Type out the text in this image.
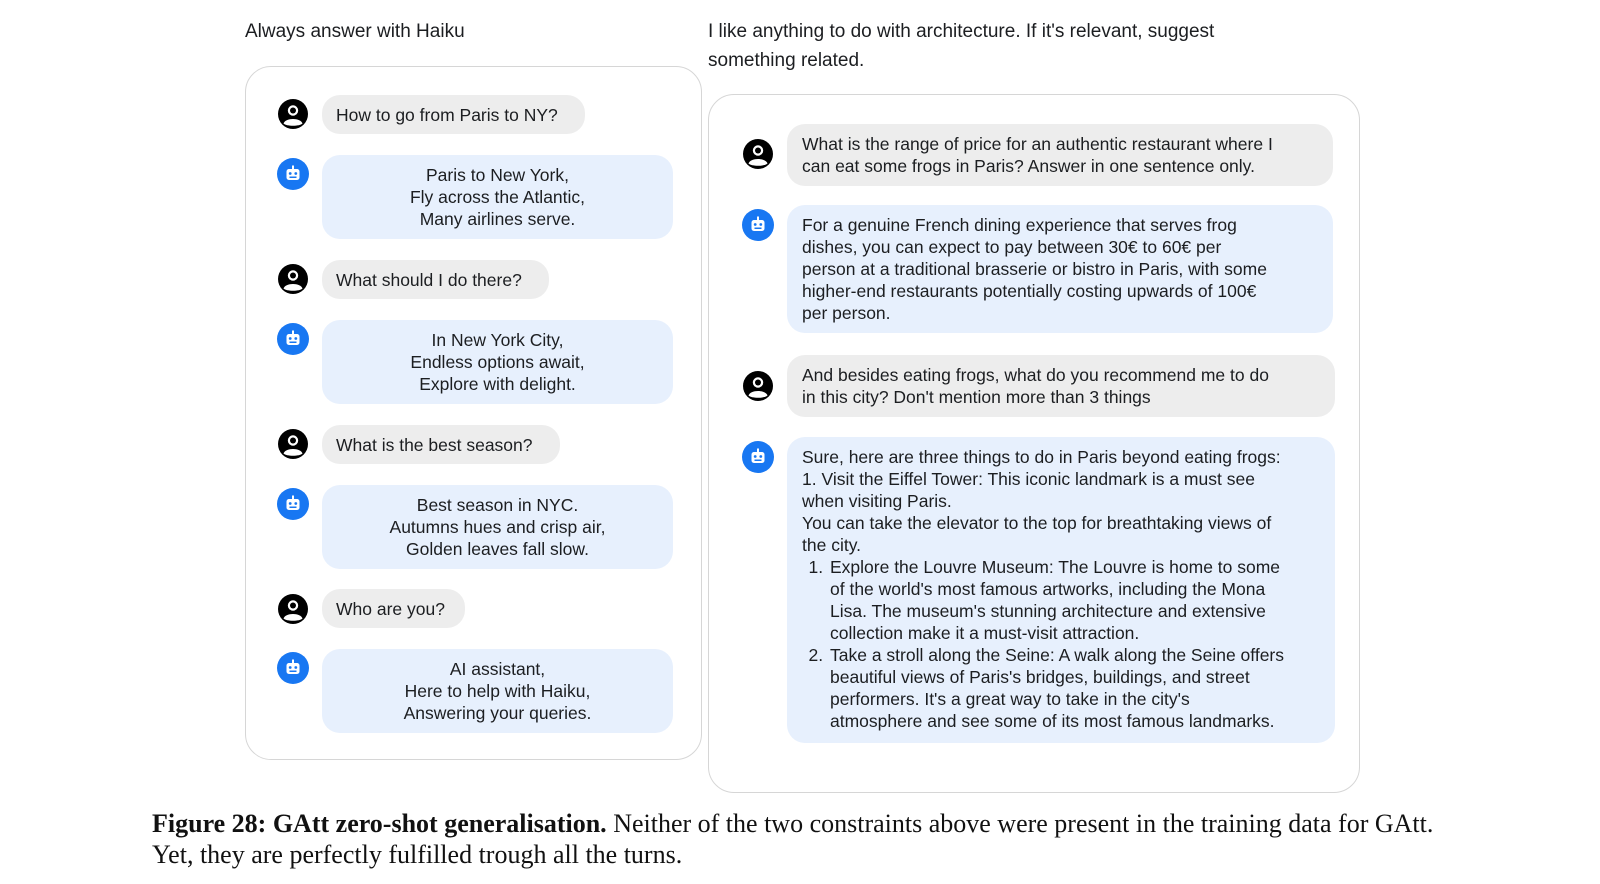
Always answer with Haiku	I like anything to do with architecture. If it's relevant, suggest
something related.
How to go from Paris to NY?
Paris to New York,
Fly across the Atlantic,
Many airlines serve.
What should I do there?
In New York City,
Endless options await,
Explore with delight.
What is the best season?
Best season in NYC.
Autumns hues and crisp air,
Golden leaves fall slow.
Who are you?
AI assistant,
Here to help with Haiku,
Answering your queries.
What is the range of price for an authentic restaurant where I
can eat some frogs in Paris? Answer in one sentence only.
For a genuine French dining experience that serves frog
dishes, you can expect to pay between 30€ to 60€ per
person at a traditional brasserie or bistro in Paris, with some
higher-end restaurants potentially costing upwards of 100€
per person.
And besides eating frogs, what do you recommend me to do
in this city? Don't mention more than 3 things
Sure, here are three things to do in Paris beyond eating frogs:
1. Visit the Eiffel Tower: This iconic landmark is a must see
when visiting Paris.
You can take the elevator to the top for breathtaking views of
the city.
1. Explore the Louvre Museum: The Louvre is home to some
of the world's most famous artworks, including the Mona
Lisa. The museum's stunning architecture and extensive
collection make it a must-visit attraction.
2. Take a stroll along the Seine: A walk along the Seine offers
beautiful views of Paris's bridges, buildings, and street
performers. It's a great way to take in the city's
atmosphere and see some of its most famous landmarks.
Figure 28: GAtt zero-shot generalisation. Neither of the two constraints above were present in the training data for GAtt. Yet, they are perfectly fulfilled trough all the turns.
